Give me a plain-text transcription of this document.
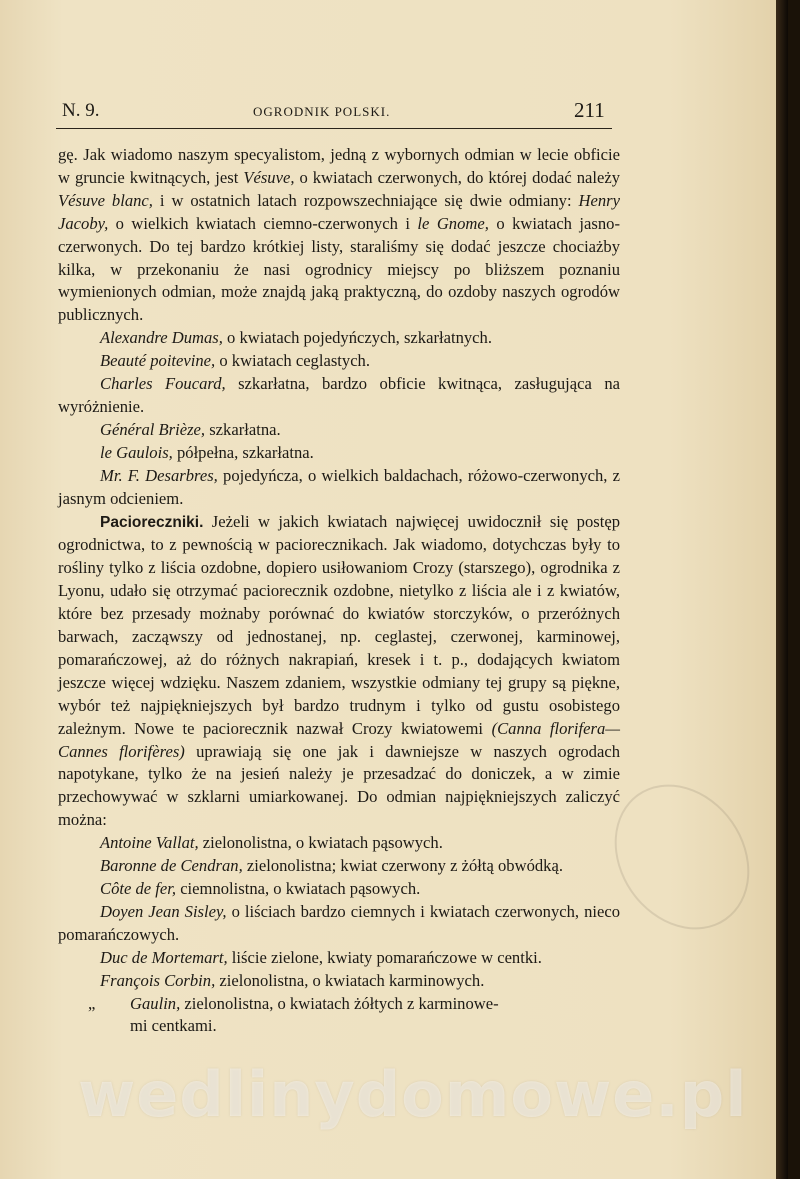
N. 9.	OGRODNIK POLSKI.	211

gę. Jak wiadomo naszym specyalistom, jedną z wybornych odmian w lecie obficie w gruncie kwitnących, jest Vésuve, o kwiatach czerwonych, do której dodać należy Vésuve blanc, i w ostatnich latach rozpowszechniające się dwie odmiany: Henry Jacoby, o wielkich kwiatach ciemno-czerwonych i le Gnome, o kwiatach jasno-czerwonych. Do tej bardzo krótkiej listy, staraliśmy się dodać jeszcze chociażby kilka, w przekonaniu że nasi ogrodnicy miejscy po bliższem poznaniu wymienionych odmian, może znajdą jaką praktyczną, do ozdoby naszych ogrodów publicznych.

Alexandre Dumas, o kwiatach pojedyńczych, szkarłatnych.

Beauté poitevine, o kwiatach ceglastych.

Charles Foucard, szkarłatna, bardzo obficie kwitnąca, zasługująca na wyróżnienie.

Général Brièze, szkarłatna.

le Gaulois, półpełna, szkarłatna.

Mr. F. Desarbres, pojedyńcza, o wielkich baldachach, różowo-czerwonych, z jasnym odcieniem.

Pacioreczniki. Jeżeli w jakich kwiatach najwięcej uwidocznił się postęp ogrodnictwa, to z pewnością w paciorecznikach. Jak wiadomo, dotychczas były to rośliny tylko z liścia ozdobne, dopiero usiłowaniom Crozy (starszego), ogrodnika z Lyonu, udało się otrzymać paciorecznik ozdobne, nietylko z liścia ale i z kwiatów, które bez przesady możnaby porównać do kwiatów storczyków, o przeróżnych barwach, zacząwszy od jednostanej, np. ceglastej, czerwonej, karminowej, pomarańczowej, aż do różnych nakrapiań, kresek i t. p., dodających kwiatom jeszcze więcej wdzięku. Naszem zdaniem, wszystkie odmiany tej grupy są piękne, wybór też najpiękniejszych był bardzo trudnym i tylko od gustu osobistego zależnym. Nowe te paciorecznik nazwał Crozy kwiatowemi (Canna florifera—Cannes florifères) uprawiają się one jak i dawniejsze w naszych ogrodach napotykane, tylko że na jesień należy je przesadzać do doniczek, a w zimie przechowywać w szklarni umiarkowanej. Do odmian najpiękniejszych zaliczyć można:

Antoine Vallat, zielonolistna, o kwiatach pąsowych.

Baronne de Cendran, zielonolistna; kwiat czerwony z żółtą obwódką.

Côte de fer, ciemnolistna, o kwiatach pąsowych.

Doyen Jean Sisley, o liściach bardzo ciemnych i kwiatach czerwonych, nieco pomarańczowych.

Duc de Mortemart, liście zielone, kwiaty pomarańczowe w centki.

François Corbin, zielonolistna, o kwiatach karminowych.

„ Gaulin, zielonolistna, o kwiatach żółtych z karminowe-

mi centkami.

wedlinydomowe.pl
